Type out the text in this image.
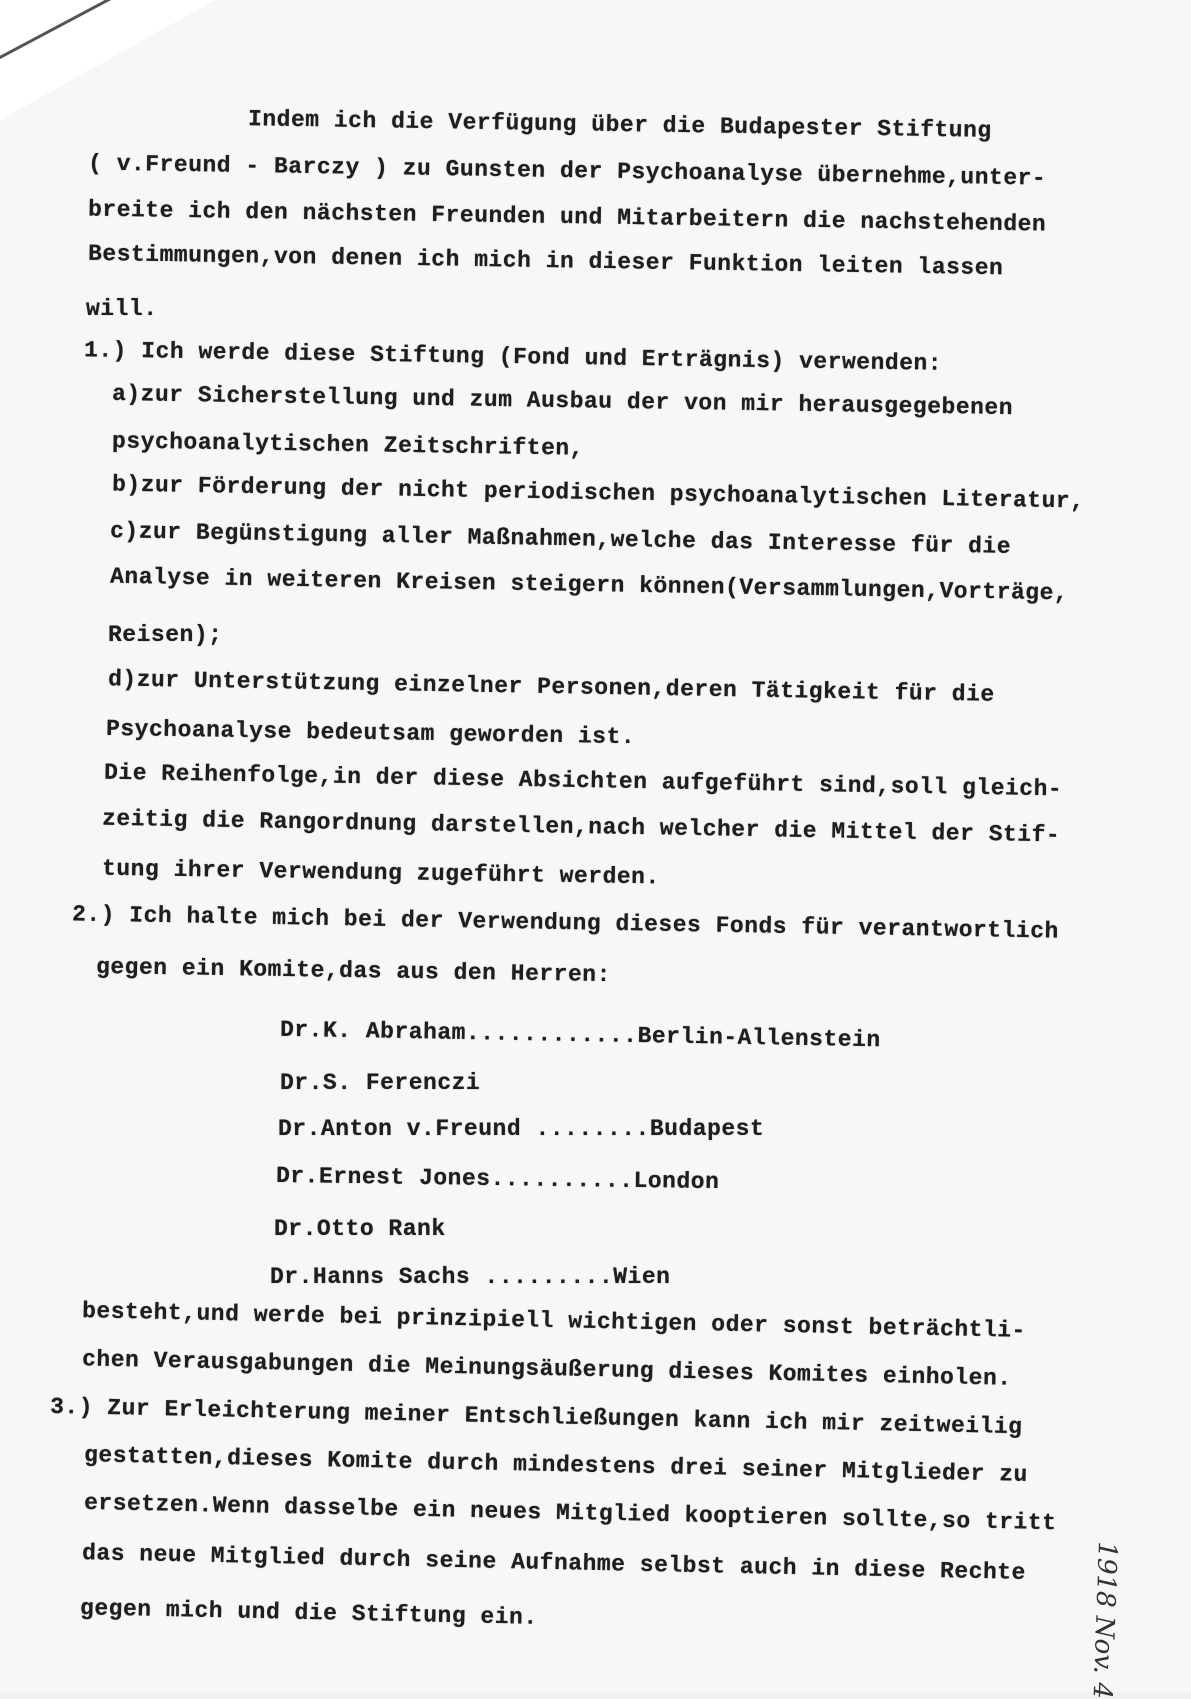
Indem ich die Verfügung über die Budapester Stiftung
( v.Freund - Barczy ) zu Gunsten der Psychoanalyse übernehme,unter-
breite ich den nächsten Freunden und Mitarbeitern die nachstehenden
Bestimmungen,von denen ich mich in dieser Funktion leiten lassen
will.
1.) Ich werde diese Stiftung (Fond und Erträgnis) verwenden:
a)zur Sicherstellung und zum Ausbau der von mir herausgegebenen
psychoanalytischen Zeitschriften,
b)zur Förderung der nicht periodischen psychoanalytischen Literatur,
c)zur Begünstigung aller Maßnahmen,welche das Interesse für die
Analyse in weiteren Kreisen steigern können(Versammlungen,Vorträge,
Reisen);
d)zur Unterstützung einzelner Personen,deren Tätigkeit für die
Psychoanalyse bedeutsam geworden ist.
Die Reihenfolge,in der diese Absichten aufgeführt sind,soll gleich-
zeitig die Rangordnung darstellen,nach welcher die Mittel der Stif-
tung ihrer Verwendung zugeführt werden.
2.) Ich halte mich bei der Verwendung dieses Fonds für verantwortlich
gegen ein Komite,das aus den Herren:
Dr.K. Abraham............Berlin-Allenstein
Dr.S. Ferenczi
Dr.Anton v.Freund ........Budapest
Dr.Ernest Jones..........London
Dr.Otto Rank
Dr.Hanns Sachs .........Wien
besteht,und werde bei prinzipiell wichtigen oder sonst beträchtli-
chen Verausgabungen die Meinungsäußerung dieses Komites einholen.
3.) Zur Erleichterung meiner Entschließungen kann ich mir zeitweilig
gestatten,dieses Komite durch mindestens drei seiner Mitglieder zu
ersetzen.Wenn dasselbe ein neues Mitglied kooptieren sollte,so tritt
das neue Mitglied durch seine Aufnahme selbst auch in diese Rechte
gegen mich und die Stiftung ein.	1918 Nov. 4
